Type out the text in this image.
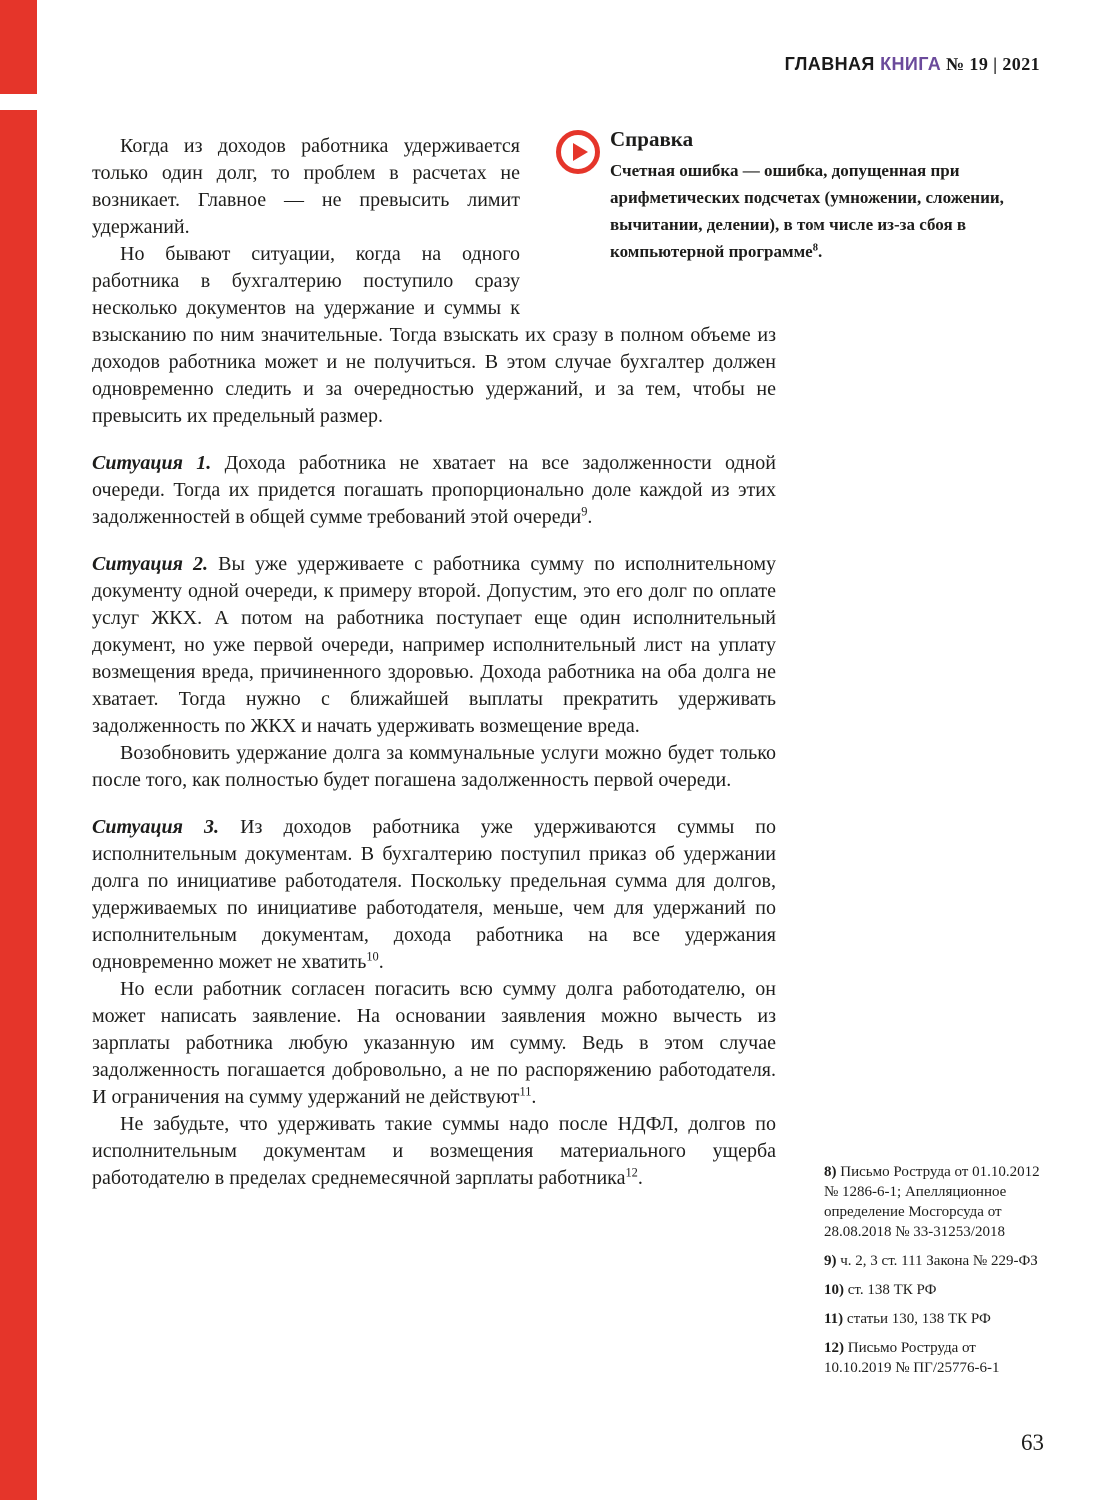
ГЛАВНАЯ КНИГА № 19 | 2021

Справка

Счетная ошибка — ошибка, допущенная при арифметических подсчетах (умножении, сложении, вычитании, делении), в том числе из-за сбоя в компьютерной программе$^8$.

Когда из доходов работника удерживается только один долг, то проблем в расчетах не возникает. Главное — не превысить лимит удержаний.

Но бывают ситуации, когда на одного работника в бухгалтерию поступило сразу несколько документов на удержание и суммы к взысканию по ним значительные. Тогда взыскать их сразу в полном объеме из доходов работника может и не получиться. В этом случае бухгалтер должен одновременно следить и за очередностью удержаний, и за тем, чтобы не превысить их предельный размер.

Ситуация 1. Дохода работника не хватает на все задолженности одной очереди. Тогда их придется погашать пропорционально доле каждой из этих задолженностей в общей сумме требований этой очереди$^9$.

Ситуация 2. Вы уже удерживаете с работника сумму по исполнительному документу одной очереди, к примеру второй. Допустим, это его долг по оплате услуг ЖКХ. А потом на работника поступает еще один исполнительный документ, но уже первой очереди, например исполнительный лист на уплату возмещения вреда, причиненного здоровью. Дохода работника на оба долга не хватает. Тогда нужно с ближайшей выплаты прекратить удерживать задолженность по ЖКХ и начать удерживать возмещение вреда.

Возобновить удержание долга за коммунальные услуги можно будет только после того, как полностью будет погашена задолженность первой очереди.

Ситуация 3. Из доходов работника уже удерживаются суммы по исполнительным документам. В бухгалтерию поступил приказ об удержании долга по инициативе работодателя. Поскольку предельная сумма для долгов, удерживаемых по инициативе работодателя, меньше, чем для удержаний по исполнительным документам, дохода работника на все удержания одновременно может не хватить$^{10}$.

Но если работник согласен погасить всю сумму долга работодателю, он может написать заявление. На основании заявления можно вычесть из зарплаты работника любую указанную им сумму. Ведь в этом случае задолженность погашается добровольно, а не по распоряжению работодателя. И ограничения на сумму удержаний не действуют$^{11}$.

Не забудьте, что удерживать такие суммы надо после НДФЛ, долгов по исполнительным документам и возмещения материального ущерба работодателю в пределах среднемесячной зарплаты работника$^{12}$.	8) Письмо Роструда от 01.10.2012 № 1286-6-1; Апелляционное определение Мосгорсуда от 28.08.2018 № 33-31253/2018

9) ч. 2, 3 ст. 111 Закона № 229-ФЗ

10) ст. 138 ТК РФ

11) статьи 130, 138 ТК РФ

12) Письмо Роструда от 10.10.2019 № ПГ/25776-6-1

63
